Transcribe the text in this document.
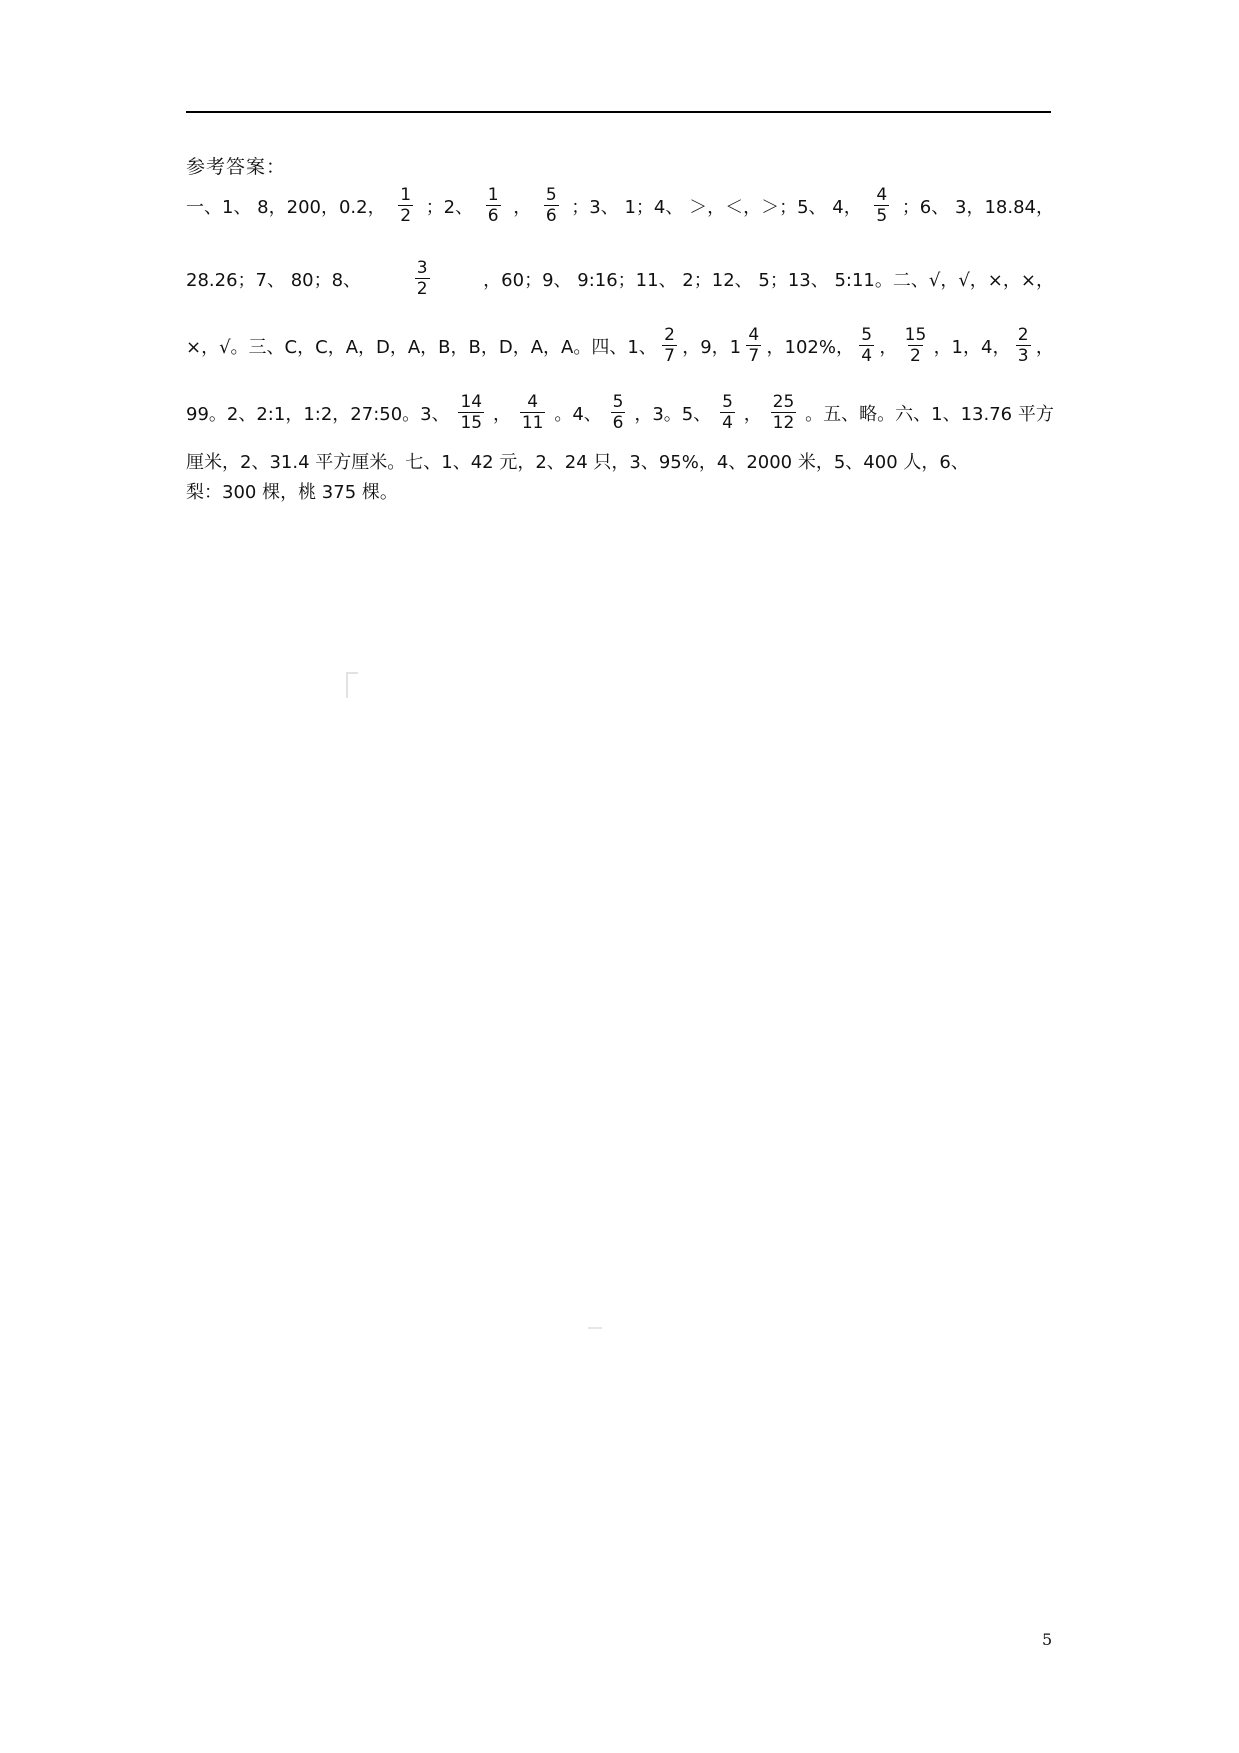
参考答案：
一、1、 8，200，0.2， $\frac{1}{2}$ ；2、 $\frac{1}{6}$ ， $\frac{5}{6}$ ；3、 1；4、 ＞，＜，＞；5、 4， $\frac{4}{5}$ ；6、 3，18.84，
28.26；7、 80；8、	$\frac{3}{2}$	，60；9、 9:16；11、 2；12、 5；13、 5:11。二、√，√，×，×，
×，√。三、C，C，A，D，A，B，B，D，A，A。四、1、 $\frac{2}{7}$ ，9，$1 \frac{4}{7}$ ，102%， $\frac{5}{4}$ ， $\frac{15}{2}$ ，1，4， $\frac{2}{3}$ ，
99。2、2:1，1:2，27:50。3、 $\frac{14}{15}$ ， $\frac{4}{11}$ 。4、 $\frac{5}{6}$ ，3。5、 $\frac{5}{4}$ ， $\frac{25}{12}$ 。五、略。六、1、13.76 平方
厘米，2、31.4 平方厘米。七、1、42 元，2、24 只，3、95%，4、2000 米，5、400 人，6、
梨：300 棵，桃 375 棵。
5
